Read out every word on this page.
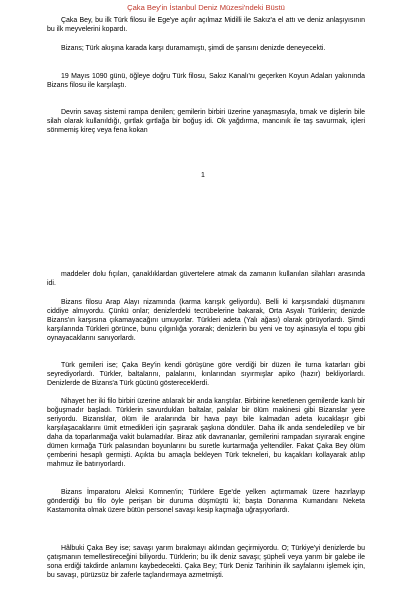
Çaka Bey'in İstanbul Deniz Müzesi'ndeki Büstü

Çaka Bey, bu ilk Türk filosu ile Ege'ye açılır açılmaz Midilli ile Sakız'a el attı ve deniz anlaşıyısının bu ilk meyvelerini kopardı.

Bizans; Türk akışına karada karşı duramamıştı, şimdi de şansını denizde deneyecekti.

19 Mayıs 1090 günü, öğleye doğru Türk filosu, Sakız Kanalı'nı geçerken Koyun Adaları yakınında Bizans filosu ile karşılaştı.

Devrin savaş sistemi rampa denilen; gemilerin birbiri üzerine yanaşmasıyla, tırnak ve dişlerin bile silah olarak kullanıldığı, gırtlak gırtlağa bir boğuş idi. Ok yağdırma, mancınık ile taş savurmak, içleri sönmemiş kireç veya fena kokan

1

maddeler dolu fıçıları, çanaklıklardan güvertelere atmak da zamanın kullanılan silahları arasında idi.

Bizans filosu Arap Alayı nizamında (karma karışık geliyordu). Belli ki karşısındaki düşmanını ciddiye almıyordu. Çünkü onlar; denizlerdeki tecrübelerine bakarak, Orta Asyalı Türklerin; denizde Bizans'ın karşısına çıkamayacağını umuyorlar. Türkleri adeta (Yalı ağası) olarak görüyorlardı. Şimdi karşılarında Türkleri görünce, bunu çılgınlığa yorarak; denizlerin bu yeni ve toy aşinasıyla el topu gibi oynayacaklarını sanıyorlardı.

Türk gemileri ise; Çaka Bey'in kendi görüşüne göre verdiği bir düzen ile turna katarları gibi seyrediyorlardı. Türkler, baltalarını, palalarını, kınlarından sıyırmışlar apiko (hazır) bekliyorlardı. Denizlerde de Bizans'a Türk gücünü göstereceklerdi.

Nihayet her iki filo birbiri üzerine atılarak bir anda karıştılar. Birbirine kenetlenen gemilerde kanlı bir boğuşmadır başladı. Türklerin savurdukları baltalar, palalar bir ölüm makinesi gibi Bizanslar yere seriyordu. Bizanslılar, ölüm ile aralarında bir hava payı bile kalmadan adeta kucaklaşır gibi karşılaşacaklarını ümit etmedikleri için şaşırarak şaşkına döndüler. Daha ilk anda sendeledilер ve bir daha da toparlanmağa vakit bulamadılar. Biraz atik davrananlar, gemilerini rampadan sıyırarak engine dümen kırmağa Türk palasından boyunlarını bu suretle kurtarmağa yeltendiler. Fakat Çaka Bey ölüm çemberini hesaplı germişti. Açıkta bu amaçla bekleyen Türk tekneleri, bu kaçakları kollayarak atılıp mahmuz ile batırıyorlardı.

Bizans İmparatoru Aleksi Komnen'in; Türklere Ege'de yelken açtırmamak üzere hazırlayıp gönderdiği bu filo öyle perişan bir duruma düşmüştü ki; başta Donanma Kumandanı Neketa Kastamonita olmak üzere bütün personel savaşı kesip kaçmağa uğraşıyorlardı.

Hâlbuki Çaka Bey ise; savaşı yarım bırakmayı aklından geçirmiyordu. O; Türkiye'yi denizlerde bu çatışmanın temellestireceğini biliyordu. Türklerin; bu ilk deniz savaşı; şüpheli veya yarım bir galebe ile sona erdiği takdirde anlamını kaybedecekti. Çaka Bey; Türk Deniz Tarihinin ilk sayfalarını işlemek için, bu savaşı, pürüzsüz bir zaferle taçlandırmaya azmetmişti.
